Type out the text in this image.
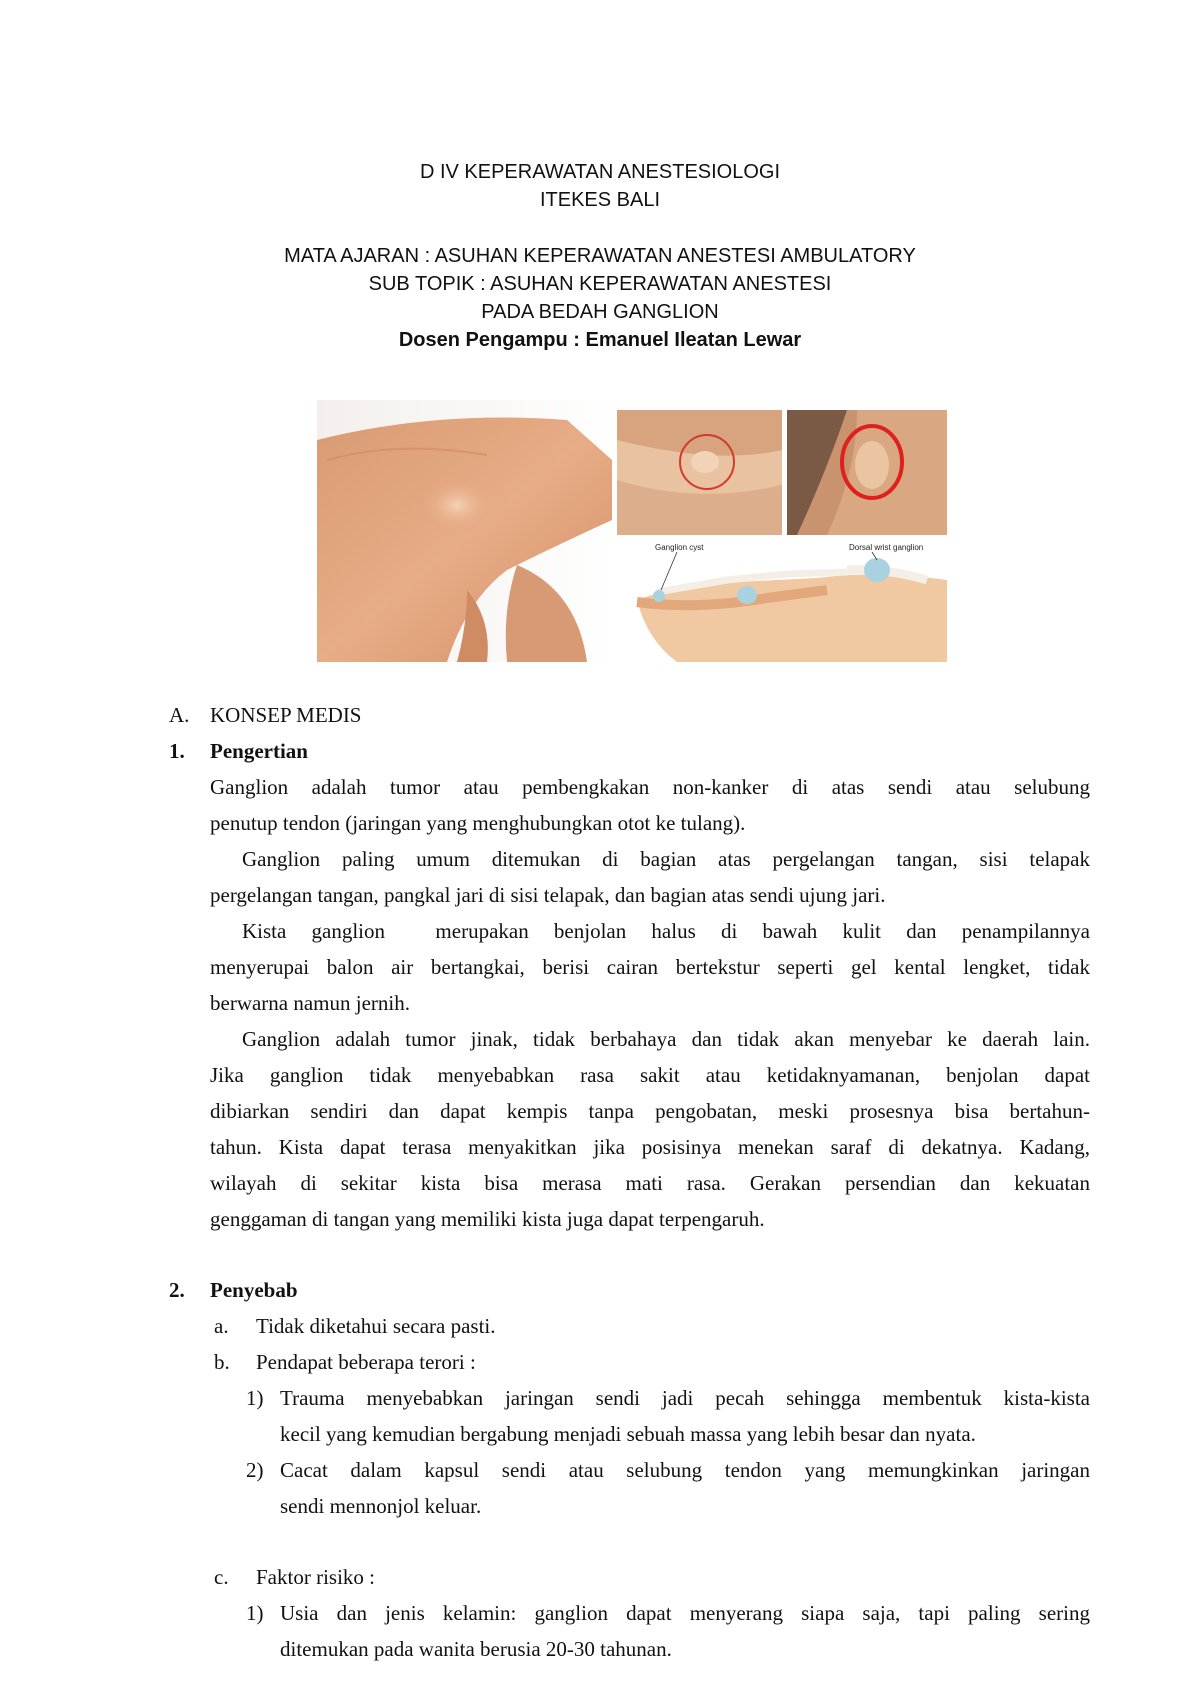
D IV KEPERAWATAN ANESTESIOLOGI
ITEKES BALI
MATA AJARAN : ASUHAN KEPERAWATAN ANESTESI AMBULATORY
SUB TOPIK : ASUHAN KEPERAWATAN ANESTESI
PADA BEDAH GANGLION
Dosen Pengampu : Emanuel Ileatan Lewar
Ganglion cyst	Dorsal wrist ganglion
A. KONSEP MEDIS
1. Pengertian
Ganglion adalah tumor atau pembengkakan non-kanker di atas sendi atau selubung
penutup tendon (jaringan yang menghubungkan otot ke tulang).
Ganglion paling umum ditemukan di bagian atas pergelangan tangan, sisi telapak
pergelangan tangan, pangkal jari di sisi telapak, dan bagian atas sendi ujung jari.
Kista ganglion  merupakan benjolan halus di bawah kulit dan penampilannya
menyerupai balon air bertangkai, berisi cairan bertekstur seperti gel kental lengket, tidak
berwarna namun jernih.
Ganglion adalah tumor jinak, tidak berbahaya dan tidak akan menyebar ke daerah lain.
Jika ganglion tidak menyebabkan rasa sakit atau ketidaknyamanan, benjolan dapat
dibiarkan sendiri dan dapat kempis tanpa pengobatan, meski prosesnya bisa bertahun-
tahun. Kista dapat terasa menyakitkan jika posisinya menekan saraf di dekatnya. Kadang,
wilayah di sekitar kista bisa merasa mati rasa. Gerakan persendian dan kekuatan
genggaman di tangan yang memiliki kista juga dapat terpengaruh.
2. Penyebab
a. Tidak diketahui secara pasti.
b. Pendapat beberapa terori :
1) Trauma menyebabkan jaringan sendi jadi pecah sehingga membentuk kista-kista
kecil yang kemudian bergabung menjadi sebuah massa yang lebih besar dan nyata.
2) Cacat dalam kapsul sendi atau selubung tendon yang memungkinkan jaringan
sendi mennonjol keluar.
c. Faktor risiko :
1) Usia dan jenis kelamin: ganglion dapat menyerang siapa saja, tapi paling sering
ditemukan pada wanita berusia 20-30 tahunan.
